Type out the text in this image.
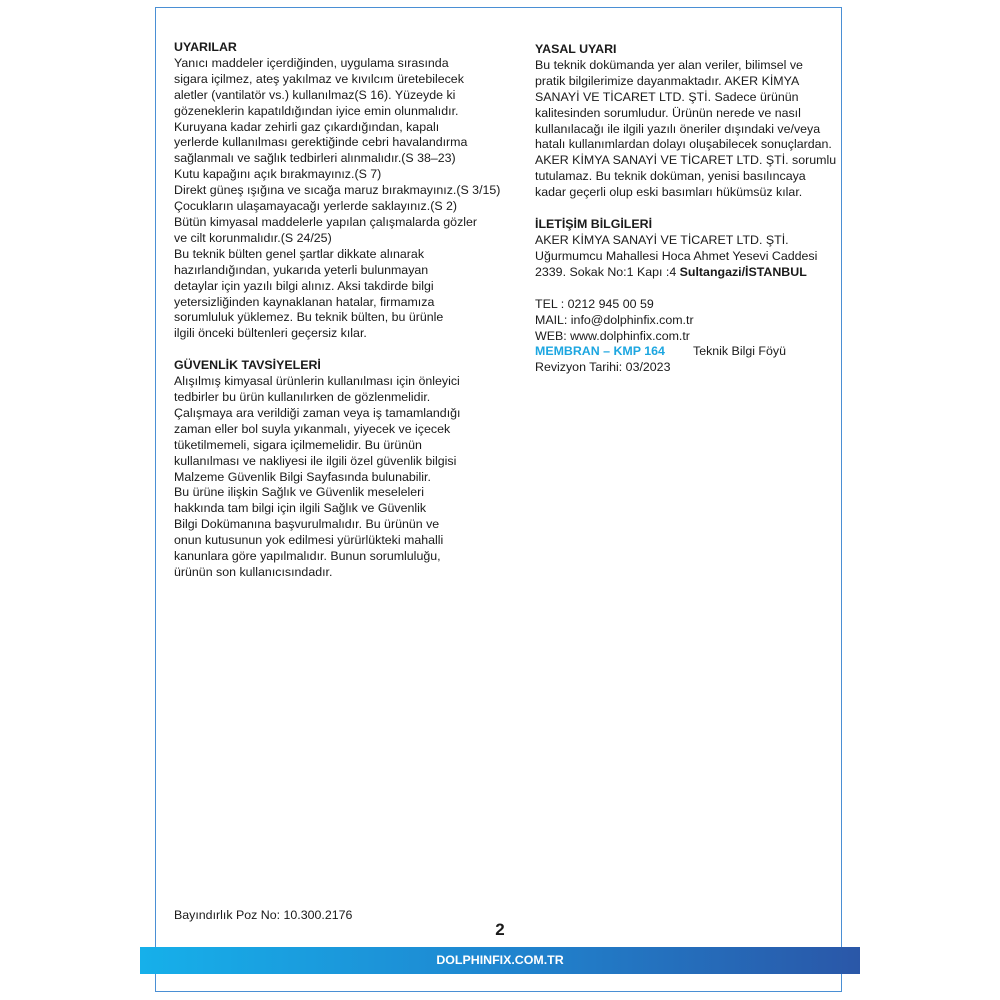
UYARILAR
Yanıcı maddeler içerdiğinden, uygulama sırasında
sigara içilmez, ateş yakılmaz ve kıvılcım üretebilecek
aletler (vantilatör vs.) kullanılmaz(S 16). Yüzeyde ki
gözeneklerin kapatıldığından iyice emin olunmalıdır.
Kuruyana kadar zehirli gaz çıkardığından, kapalı
yerlerde kullanılması gerektiğinde cebri havalandırma
sağlanmalı ve sağlık tedbirleri alınmalıdır.(S 38–23)
Kutu kapağını açık bırakmayınız.(S 7)
Direkt güneş ışığına ve sıcağa maruz bırakmayınız.(S 3/15)
Çocukların ulaşamayacağı yerlerde saklayınız.(S 2)
Bütün kimyasal maddelerle yapılan çalışmalarda gözler
ve cilt korunmalıdır.(S 24/25)
Bu teknik bülten genel şartlar dikkate alınarak
hazırlandığından, yukarıda yeterli bulunmayan
detaylar için yazılı bilgi alınız. Aksi takdirde bilgi
yetersizliğinden kaynaklanan hatalar, firmamıza
sorumluluk yüklemez. Bu teknik bülten, bu ürünle
ilgili önceki bültenleri geçersiz kılar.
GÜVENLİK TAVSİYELERİ
Alışılmış kimyasal ürünlerin kullanılması için önleyici
tedbirler bu ürün kullanılırken de gözlenmelidir.
Çalışmaya ara verildiği zaman veya iş tamamlandığı
zaman eller bol suyla yıkanmalı, yiyecek ve içecek
tüketilmemeli, sigara içilmemelidir. Bu ürünün
kullanılması ve nakliyesi ile ilgili özel güvenlik bilgisi
Malzeme Güvenlik Bilgi Sayfasında bulunabilir.
Bu ürüne ilişkin Sağlık ve Güvenlik meseleleri
hakkında tam bilgi için ilgili Sağlık ve Güvenlik
Bilgi Dokümanına başvurulmalıdır. Bu ürünün ve
onun kutusunun yok edilmesi yürürlükteki mahalli
kanunlara göre yapılmalıdır. Bunun sorumluluğu,
ürünün son kullanıcısındadır.
YASAL UYARI
Bu teknik dokümanda yer alan veriler, bilimsel ve
pratik bilgilerimize dayanmaktadır. AKER KİMYA
SANAYİ VE TİCARET LTD. ŞTİ. Sadece ürünün
kalitesinden sorumludur. Ürünün nerede ve nasıl
kullanılacağı ile ilgili yazılı öneriler dışındaki ve/veya
hatalı kullanımlardan dolayı oluşabilecek sonuçlardan.
AKER KİMYA SANAYİ VE TİCARET LTD. ŞTİ. sorumlu
tutulamaz. Bu teknik doküman, yenisi basılıncaya
kadar geçerli olup eski basımları hükümsüz kılar.
İLETİŞİM BİLGİLERİ
AKER KİMYA SANAYİ VE TİCARET LTD. ŞTİ.
Uğurmumcu Mahallesi Hoca Ahmet Yesevi Caddesi
2339. Sokak No:1 Kapı :4 Sultangazi/İSTANBUL
TEL : 0212 945 00 59
MAIL: info@dolphinfix.com.tr
WEB: www.dolphinfix.com.tr
MEMBRAN – KMP 164 Teknik Bilgi Föyü
Revizyon Tarihi: 03/2023
Bayındırlık Poz No: 10.300.2176
2
DOLPHINFIX.COM.TR
